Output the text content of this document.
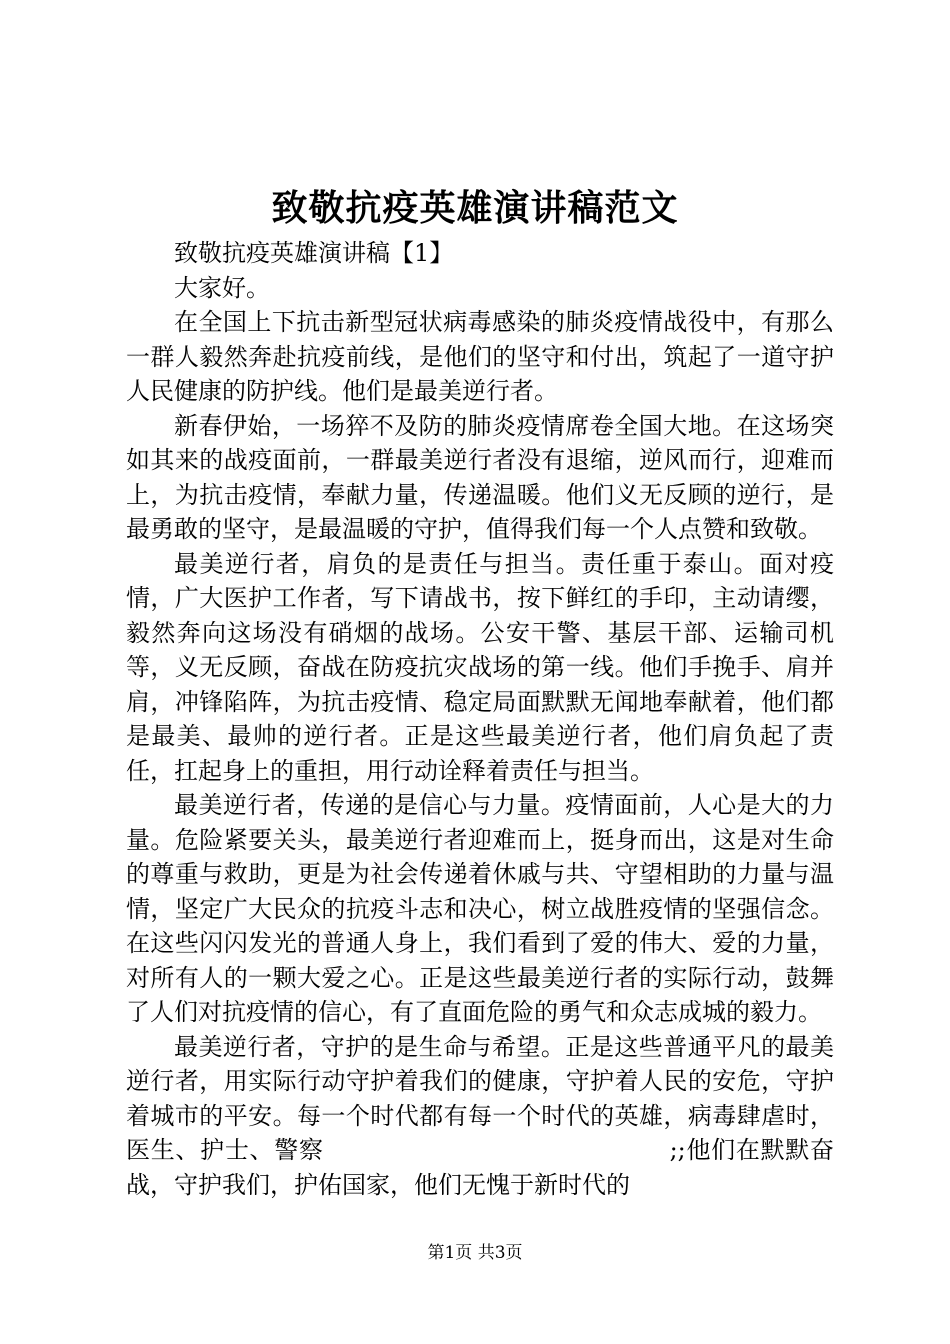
致敬抗疫英雄演讲稿范文

致敬抗疫英雄演讲稿【1】

大家好。

在全国上下抗击新型冠状病毒感染的肺炎疫情战役中，有那么一群人毅然奔赴抗疫前线，是他们的坚守和付出，筑起了一道守护人民健康的防护线。他们是最美逆行者。

新春伊始，一场猝不及防的肺炎疫情席卷全国大地。在这场突如其来的战疫面前，一群最美逆行者没有退缩，逆风而行，迎难而上，为抗击疫情，奉献力量，传递温暖。他们义无反顾的逆行，是最勇敢的坚守，是最温暖的守护，值得我们每一个人点赞和致敬。

最美逆行者，肩负的是责任与担当。责任重于泰山。面对疫情，广大医护工作者，写下请战书，按下鲜红的手印，主动请缨，毅然奔向这场没有硝烟的战场。公安干警、基层干部、运输司机等，义无反顾，奋战在防疫抗灾战场的第一线。他们手挽手、肩并肩，冲锋陷阵，为抗击疫情、稳定局面默默无闻地奉献着，他们都是最美、最帅的逆行者。正是这些最美逆行者，他们肩负起了责任，扛起身上的重担，用行动诠释着责任与担当。

最美逆行者，传递的是信心与力量。疫情面前，人心是大的力量。危险紧要关头，最美逆行者迎难而上，挺身而出，这是对生命的尊重与救助，更是为社会传递着休戚与共、守望相助的力量与温情，坚定广大民众的抗疫斗志和决心，树立战胜疫情的坚强信念。在这些闪闪发光的普通人身上，我们看到了爱的伟大、爱的力量，对所有人的一颗大爱之心。正是这些最美逆行者的实际行动，鼓舞了人们对抗疫情的信心，有了直面危险的勇气和众志成城的毅力。

最美逆行者，守护的是生命与希望。正是这些普通平凡的最美逆行者，用实际行动守护着我们的健康，守护着人民的安危，守护着城市的平安。每一个时代都有每一个时代的英雄，病毒肆虐时， 医生、护士、警察　　　　　　　　　　　　　　;;他们在默默奋战，守护我们，护佑国家，他们无愧于新时代的

第1页 共3页
